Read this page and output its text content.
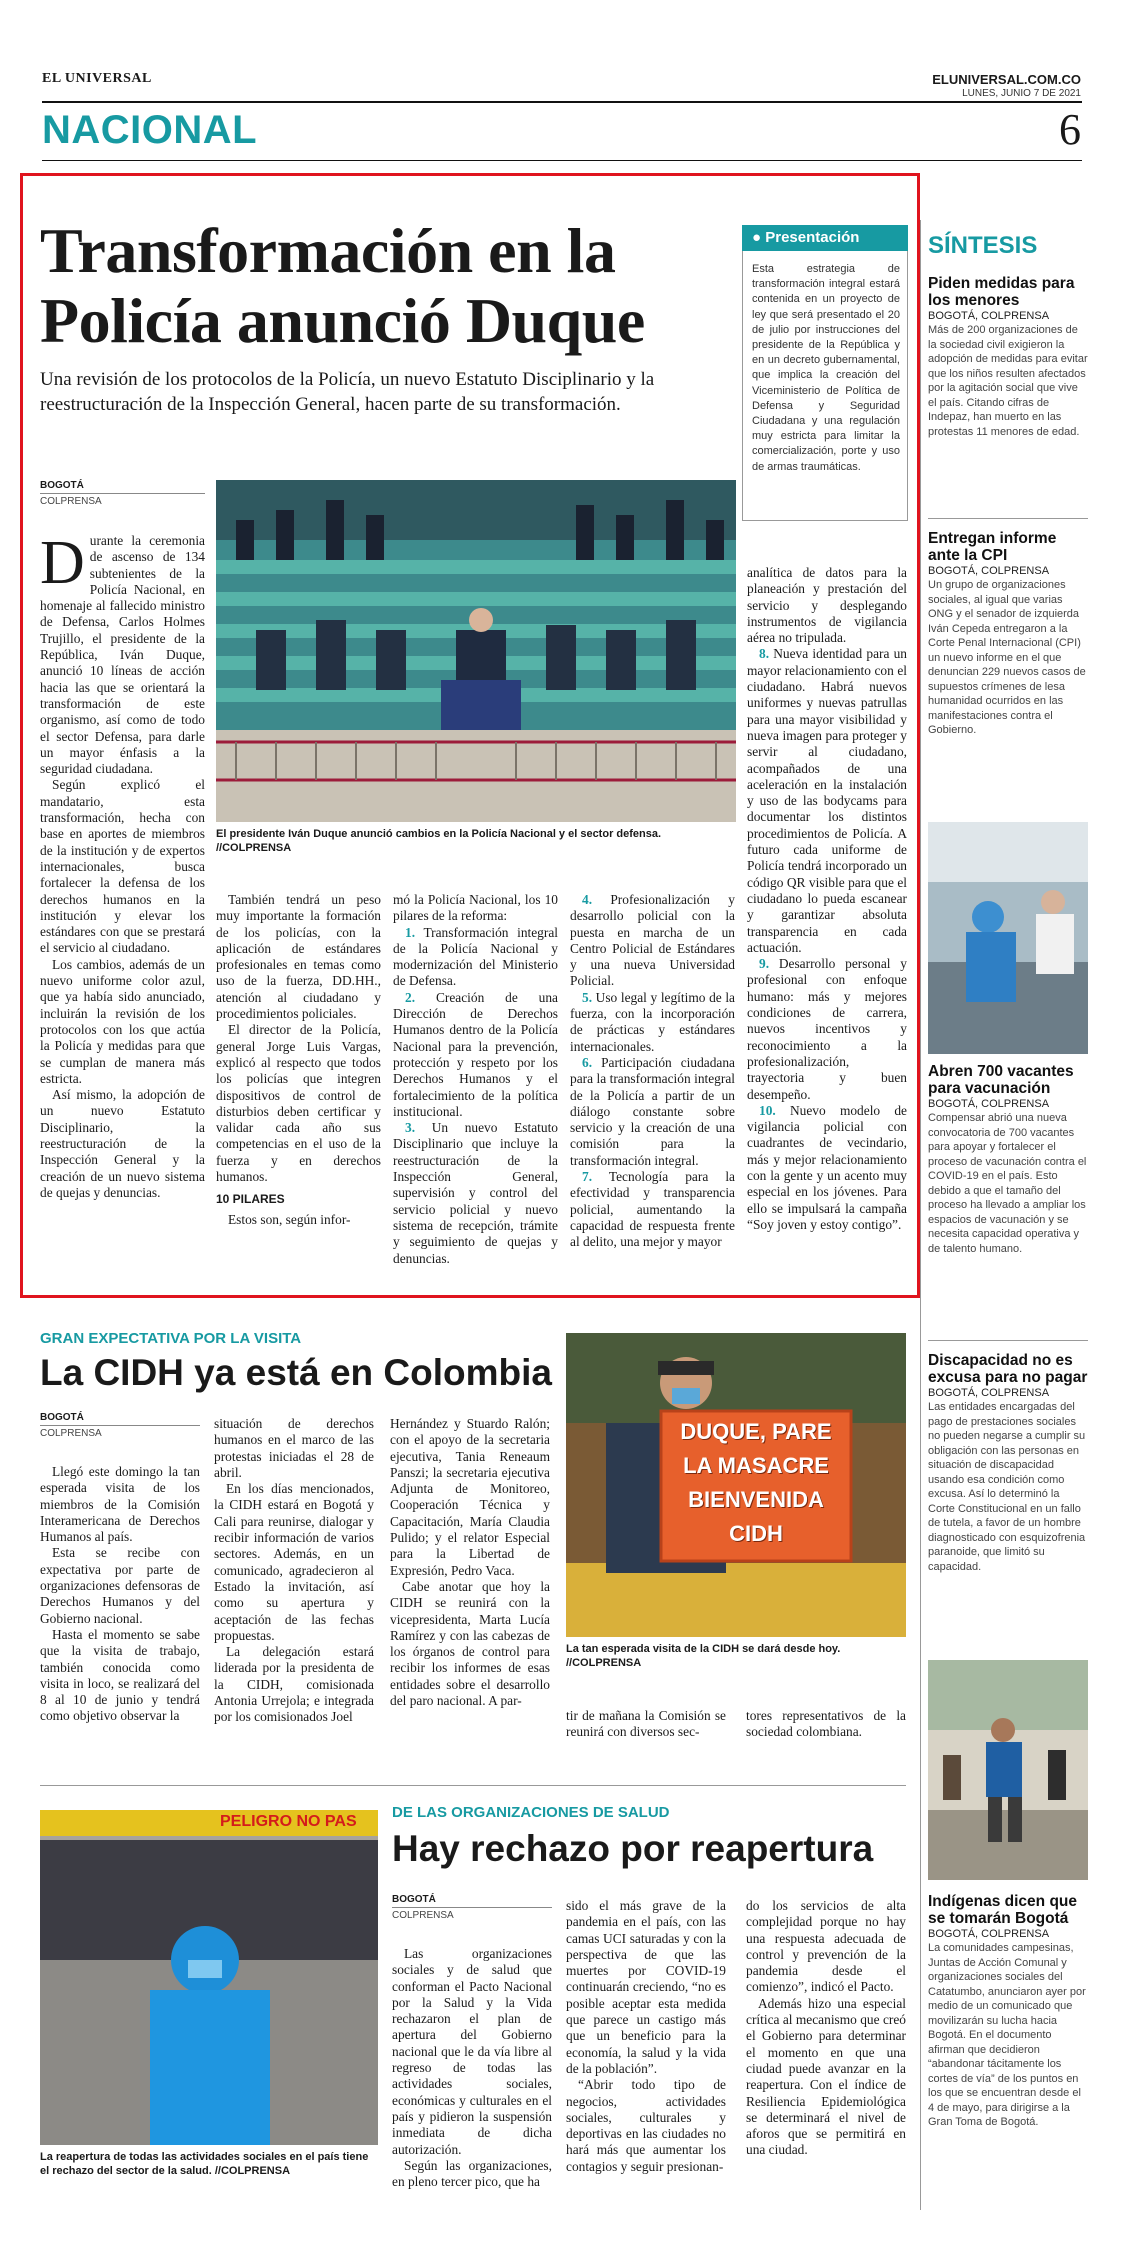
EL UNIVERSAL	ELUNIVERSAL.COM.CO
LUNES, JUNIO 7 DE 2021
NACIONAL	6
Transformación en la
Policía anunció Duque

Una revisión de los protocolos de la Policía, un nuevo Estatuto Disciplinario y la reestructuración de la Inspección General, hacen parte de su transformación.

BOGOTÁ
COLPRENSA

Durante la ceremonia de ascenso de 134 subtenientes de la Policía Nacional, en homenaje al fallecido ministro de Defensa, Carlos Holmes Trujillo, el presidente de la República, Iván Duque, anunció 10 líneas de acción hacia las que se orientará la transformación de este organismo, así como de todo el sector Defensa, para darle un mayor énfasis a la seguridad ciudadana.

Según explicó el mandatario, esta transformación, hecha con base en aportes de miembros de la institución y de expertos internacionales, busca fortalecer la defensa de los derechos humanos en la institución y elevar los estándares con que se prestará el servicio al ciudadano.

Los cambios, además de un nuevo uniforme color azul, que ya había sido anunciado, incluirán la revisión de los protocolos con los que actúa la Policía y medidas para que se cumplan de manera más estricta.

Así mismo, la adopción de un nuevo Estatuto Disciplinario, la reestructuración de la Inspección General y la creación de un nuevo sistema de quejas y denuncias.

El presidente Iván Duque anunció cambios en la Policía Nacional y el sector defensa. //COLPRENSA

También tendrá un peso muy importante la formación de los policías, con la aplicación de estándares profesionales en temas como uso de la fuerza, DD.HH., atención al ciudadano y procedimientos policiales.

El director de la Policía, general Jorge Luis Vargas, explicó al respecto que todos los policías que integren dispositivos de control de disturbios deben certificar y validar cada año sus competencias en el uso de la fuerza y en derechos humanos.

10 PILARES

Estos son, según infor-

mó la Policía Nacional, los 10 pilares de la reforma:

1. Transformación integral de la Policía Nacional y modernización del Ministerio de Defensa.

2. Creación de una Dirección de Derechos Humanos dentro de la Policía Nacional para la prevención, protección y respeto por los Derechos Humanos y el fortalecimiento de la política institucional.

3. Un nuevo Estatuto Disciplinario que incluye la reestructuración de la Inspección General, supervisión y control del servicio policial y nuevo sistema de recepción, trámite y seguimiento de quejas y denuncias.

4. Profesionalización y desarrollo policial con la puesta en marcha de un Centro Policial de Estándares y una nueva Universidad Policial.

5. Uso legal y legítimo de la fuerza, con la incorporación de prácticas y estándares internacionales.

6. Participación ciudadana para la transformación integral de la Policía a partir de un diálogo constante sobre servicio y la creación de una comisión para la transformación integral.

7. Tecnología para la efectividad y transparencia policial, aumentando la capacidad de respuesta frente al delito, una mejor y mayor

analítica de datos para la planeación y prestación del servicio y desplegando instrumentos de vigilancia aérea no tripulada.

8. Nueva identidad para un mayor relacionamiento con el ciudadano. Habrá nuevos uniformes y nuevas patrullas para una mayor visibilidad y nueva imagen para proteger y servir al ciudadano, acompañados de una aceleración en la instalación y uso de las bodycams para documentar los distintos procedimientos de Policía. A futuro cada uniforme de Policía tendrá incorporado un código QR visible para que el ciudadano lo pueda escanear y garantizar absoluta transparencia en cada actuación.

9. Desarrollo personal y profesional con enfoque humano: más y mejores condiciones de carrera, nuevos incentivos y reconocimiento a la profesionalización, trayectoria y buen desempeño.

10. Nuevo modelo de vigilancia policial con cuadrantes de vecindario, más y mejor relacionamiento con la gente y un acento muy especial en los jóvenes. Para ello se impulsará la campaña “Soy joven y estoy contigo”.

● Presentación

Esta estrategia de transformación integral estará contenida en un proyecto de ley que será presentado el 20 de julio por instrucciones del presidente de la República y en un decreto gubernamental, que implica la creación del Viceministerio de Política de Defensa y Seguridad Ciudadana y una regulación muy estricta para limitar la comercialización, porte y uso de armas traumáticas.

SÍNTESIS
Piden medidas para los menores
BOGOTÁ, COLPRENSA

Más de 200 organizaciones de la sociedad civil exigieron la adopción de medidas para evitar que los niños resulten afectados por la agitación social que vive el país. Citando cifras de Indepaz, han muerto en las protestas 11 menores de edad.

Entregan informe ante la CPI
BOGOTÁ, COLPRENSA

Un grupo de organizaciones sociales, al igual que varias ONG y el senador de izquierda Iván Cepeda entregaron a la Corte Penal Internacional (CPI) un nuevo informe en el que denuncian 229 nuevos casos de supuestos crímenes de lesa humanidad ocurridos en las manifestaciones contra el Gobierno.

Abren 700 vacantes para vacunación
BOGOTÁ, COLPRENSA

Compensar abrió una nueva convocatoria de 700 vacantes para apoyar y fortalecer el proceso de vacunación contra el COVID-19 en el país. Esto debido a que el tamaño del proceso ha llevado a ampliar los espacios de vacunación y se necesita capacidad operativa y de talento humano.

Discapacidad no es excusa para no pagar
BOGOTÁ, COLPRENSA

Las entidades encargadas del pago de prestaciones sociales no pueden negarse a cumplir su obligación con las personas en situación de discapacidad usando esa condición como excusa. Así lo determinó la Corte Constitucional en un fallo de tutela, a favor de un hombre diagnosticado con esquizofrenia paranoide, que limitó su capacidad.

Indígenas dicen que se tomarán Bogotá
BOGOTÁ, COLPRENSA

La comunidades campesinas, Juntas de Acción Comunal y organizaciones sociales del Catatumbo, anunciaron ayer por medio de un comunicado que movilizarán su lucha hacia Bogotá. En el documento afirman que decidieron “abandonar tácitamente los cortes de vía” de los puntos en los que se encuentran desde el 4 de mayo, para dirigirse a la Gran Toma de Bogotá.

GRAN EXPECTATIVA POR LA VISITA
La CIDH ya está en Colombia
BOGOTÁ
COLPRENSA

Llegó este domingo la tan esperada visita de los miembros de la Comisión Interamericana de Derechos Humanos al país.

Esta se recibe con expectativa por parte de organizaciones defensoras de Derechos Humanos y del Gobierno nacional.

Hasta el momento se sabe que la visita de trabajo, también conocida como visita in loco, se realizará del 8 al 10 de junio y tendrá como objetivo observar la

situación de derechos humanos en el marco de las protestas iniciadas el 28 de abril.

En los días mencionados, la CIDH estará en Bogotá y Cali para reunirse, dialogar y recibir información de varios sectores. Además, en un comunicado, agradecieron al Estado la invitación, así como su apertura y aceptación de las fechas propuestas.

La delegación estará liderada por la presidenta de la CIDH, comisionada Antonia Urrejola; e integrada por los comisionados Joel

Hernández y Stuardo Ralón; con el apoyo de la secretaria ejecutiva, Tania Reneaum Panszi; la secretaria ejecutiva Adjunta de Monitoreo, Cooperación Técnica y Capacitación, María Claudia Pulido; y el relator Especial para la Libertad de Expresión, Pedro Vaca.

Cabe anotar que hoy la CIDH se reunirá con la vicepresidenta, Marta Lucía Ramírez y con las cabezas de los órganos de control para recibir los informes de esas entidades sobre el desarrollo del paro nacional. A par-

DUQUE, PARE
LA MASACRE
BIENVENIDA
CIDH

La tan esperada visita de la CIDH se dará desde hoy. //COLPRENSA

tir de mañana la Comisión se reunirá con diversos sec-

tores representativos de la sociedad colombiana.

PELIGRO NO PAS

La reapertura de todas las actividades sociales en el país tiene el rechazo del sector de la salud. //COLPRENSA

DE LAS ORGANIZACIONES DE SALUD
Hay rechazo por reapertura
BOGOTÁ
COLPRENSA

Las organizaciones sociales y de salud que conforman el Pacto Nacional por la Salud y la Vida rechazaron el plan de apertura del Gobierno nacional que le da vía libre al regreso de todas las actividades sociales, económicas y culturales en el país y pidieron la suspensión inmediata de dicha autorización.

Según las organizaciones, en pleno tercer pico, que ha

sido el más grave de la pandemia en el país, con las camas UCI saturadas y con la perspectiva de que las muertes por COVID-19 continuarán creciendo, “no es posible aceptar esta medida que parece un castigo más que un beneficio para la economía, la salud y la vida de la población”.

“Abrir todo tipo de negocios, actividades sociales, culturales y deportivas en las ciudades no hará más que aumentar los contagios y seguir presionan-

do los servicios de alta complejidad porque no hay una respuesta adecuada de control y prevención de la pandemia desde el comienzo”, indicó el Pacto.

Además hizo una especial crítica al mecanismo que creó el Gobierno para determinar el momento en que una ciudad puede avanzar en la reapertura. Con el índice de Resiliencia Epidemiológica se determinará el nivel de aforos que se permitirá en una ciudad.
